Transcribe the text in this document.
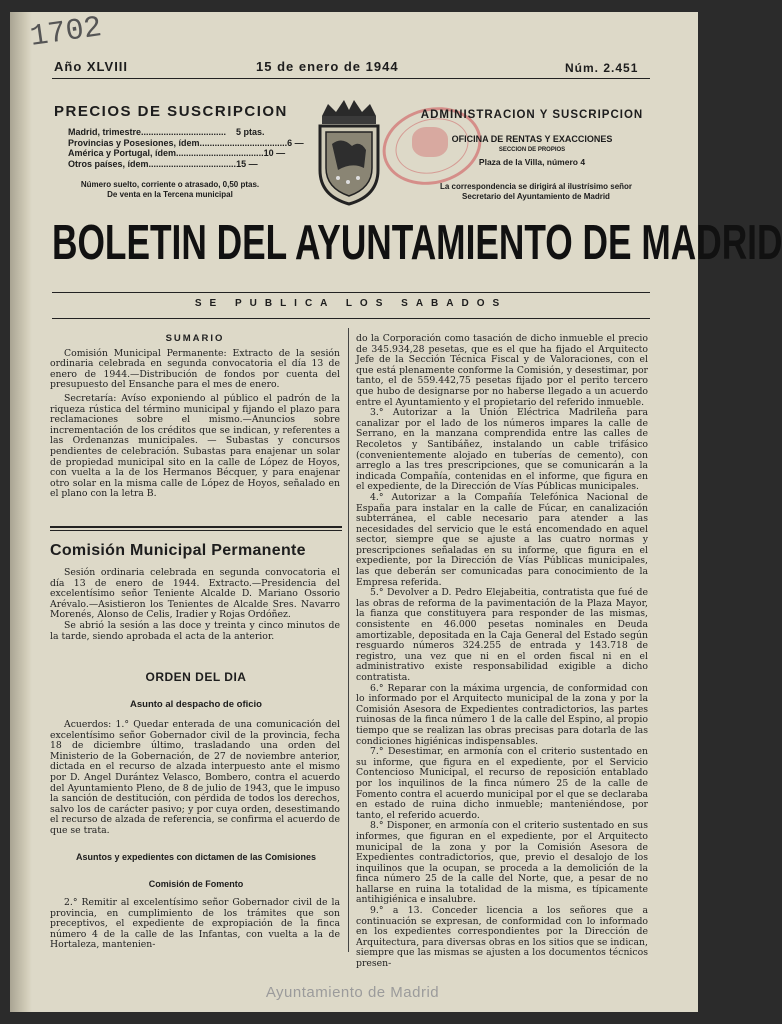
1702
Año XLVIII	15 de enero de 1944	Núm. 2.451
PRECIOS DE SUSCRIPCION
Madrid, trimestre ..................................	5 ptas.
Provincias y Posesiones, ídem. .................................. 6 —
América y Portugal, ídem. .................................. 10 —
Otros países, ídem. .................................. 15 —
Número suelto, corriente o atrasado, 0,50 ptas.
De venta en la Tercena municipal
ADMINISTRACION Y SUSCRIPCION
OFICINA DE RENTAS Y EXACCIONES
SECCION DE PROPIOS
Plaza de la Villa, número 4
La correspondencia se dirigirá al ilustrísimo señor Secretario del Ayuntamiento de Madrid
BOLETIN DEL AYUNTAMIENTO DE MADRID
SE PUBLICA LOS SABADOS
SUMARIO

Comisión Municipal Permanente: Extracto de la sesión ordinaria celebrada en segunda convocatoria el día 13 de enero de 1944.—Distribución de fondos por cuenta del presupuesto del Ensanche para el mes de enero.

Secretaría: Avíso exponiendo al público el padrón de la riqueza rústica del término municipal y fijando el plazo para reclamaciones sobre el mismo.—Anuncios sobre incrementación de los créditos que se indican, y referentes a las Ordenanzas municipales. — Subastas y concursos pendientes de celebración. Subastas para enajenar un solar de propiedad municipal sito en la calle de López de Hoyos, con vuelta a la de los Hermanos Bécquer, y para enajenar otro solar en la misma calle de López de Hoyos, señalado en el plano con la letra B.

Comisión Municipal Permanente

Sesión ordinaria celebrada en segunda convocatoria el día 13 de enero de 1944. Extracto.—Presidencia del excelentísimo señor Teniente Alcalde D. Mariano Ossorio Arévalo.—Asistieron los Tenientes de Alcalde Sres. Navarro Morenés, Alonso de Celis, Iradier y Rojas Ordóñez.

Se abrió la sesión a las doce y treinta y cinco minutos de la tarde, siendo aprobada el acta de la anterior.

ORDEN DEL DIA
Asunto al despacho de oficio

Acuerdos: 1.° Quedar enterada de una comunicación del excelentísimo señor Gobernador civil de la provincia, fecha 18 de diciembre último, trasladando una orden del Ministerio de la Gobernación, de 27 de noviembre anterior, dictada en el recurso de alzada interpuesto ante el mismo por D. Angel Durántez Velasco, Bombero, contra el acuerdo del Ayuntamiento Pleno, de 8 de julio de 1943, que le impuso la sanción de destitución, con pérdida de todos los derechos, salvo los de carácter pasivo; y por cuya orden, desestimando el recurso de alzada de referencia, se confirma el acuerdo de que se trata.

Asuntos y expedientes con dictamen de las Comisiones
Comisión de Fomento

2.° Remitir al excelentísimo señor Gobernador civil de la provincia, en cumplimiento de los trámites que son preceptivos, el expediente de expropiación de la finca número 4 de la calle de las Infantas, con vuelta a la de Hortaleza, mantenien-

do la Corporación como tasación de dicho inmueble el precio de 345.934,28 pesetas, que es el que ha fijado el Arquitecto Jefe de la Sección Técnica Fiscal y de Valoraciones, con el que está plenamente conforme la Comisión, y desestimar, por tanto, el de 559.442,75 pesetas fijado por el perito tercero que hubo de designarse por no haberse llegado a un acuerdo entre el Ayuntamiento y el propietario del referido inmueble.

3.° Autorizar a la Unión Eléctrica Madrileña para canalizar por el lado de los números impares la calle de Serrano, en la manzana comprendida entre las calles de Recoletos y Santibáñez, instalando un cable trifásico (convenientemente alojado en tuberías de cemento), con arreglo a las tres prescripciones, que se comunicarán a la indicada Compañía, contenidas en el informe, que figura en el expediente, de la Dirección de Vías Públicas municipales.

4.° Autorizar a la Compañía Telefónica Nacional de España para instalar en la calle de Fúcar, en canalización subterránea, el cable necesario para atender a las necesidades del servicio que le está encomendado en aquel sector, siempre que se ajuste a las cuatro normas y prescripciones señaladas en su informe, que figura en el expediente, por la Dirección de Vías Públicas municipales, las que deberán ser comunicadas para conocimiento de la Empresa referida.

5.° Devolver a D. Pedro Elejabeitia, contratista que fué de las obras de reforma de la pavimentación de la Plaza Mayor, la fianza que constituyera para responder de las mismas, consistente en 46.000 pesetas nominales en Deuda amortizable, depositada en la Caja General del Estado según resguardo números 324.255 de entrada y 143.718 de registro, una vez que ni en el orden fiscal ni en el administrativo existe responsabilidad exigible a dicho contratista.

6.° Reparar con la máxima urgencia, de conformidad con lo informado por el Arquitecto municipal de la zona y por la Comisión Asesora de Expedientes contradictorios, las partes ruinosas de la finca número 1 de la calle del Espino, al propio tiempo que se realizan las obras precisas para dotarla de las condiciones higiénicas indispensables.

7.° Desestimar, en armonía con el criterio sustentado en su informe, que figura en el expediente, por el Servicio Contencioso Municipal, el recurso de reposición entablado por los inquilinos de la finca número 25 de la calle de Fomento contra el acuerdo municipal por el que se declaraba en estado de ruina dicho inmueble; manteniéndose, por tanto, el referido acuerdo.

8.° Disponer, en armonía con el criterio sustentado en sus informes, que figuran en el expediente, por el Arquitecto municipal de la zona y por la Comisión Asesora de Expedientes contradictorios, que, previo el desalojo de los inquilinos que la ocupan, se proceda a la demolición de la finca número 25 de la calle del Norte, que, a pesar de no hallarse en ruina la totalidad de la misma, es típicamente antihigiénica e insalubre.

9.° a 13. Conceder licencia a los señores que a continuación se expresan, de conformidad con lo informado en los expedientes correspondientes por la Dirección de Arquitectura, para diversas obras en los sitios que se indican, siempre que las mismas se ajusten a los documentos técnicos presen-

Ayuntamiento de Madrid
